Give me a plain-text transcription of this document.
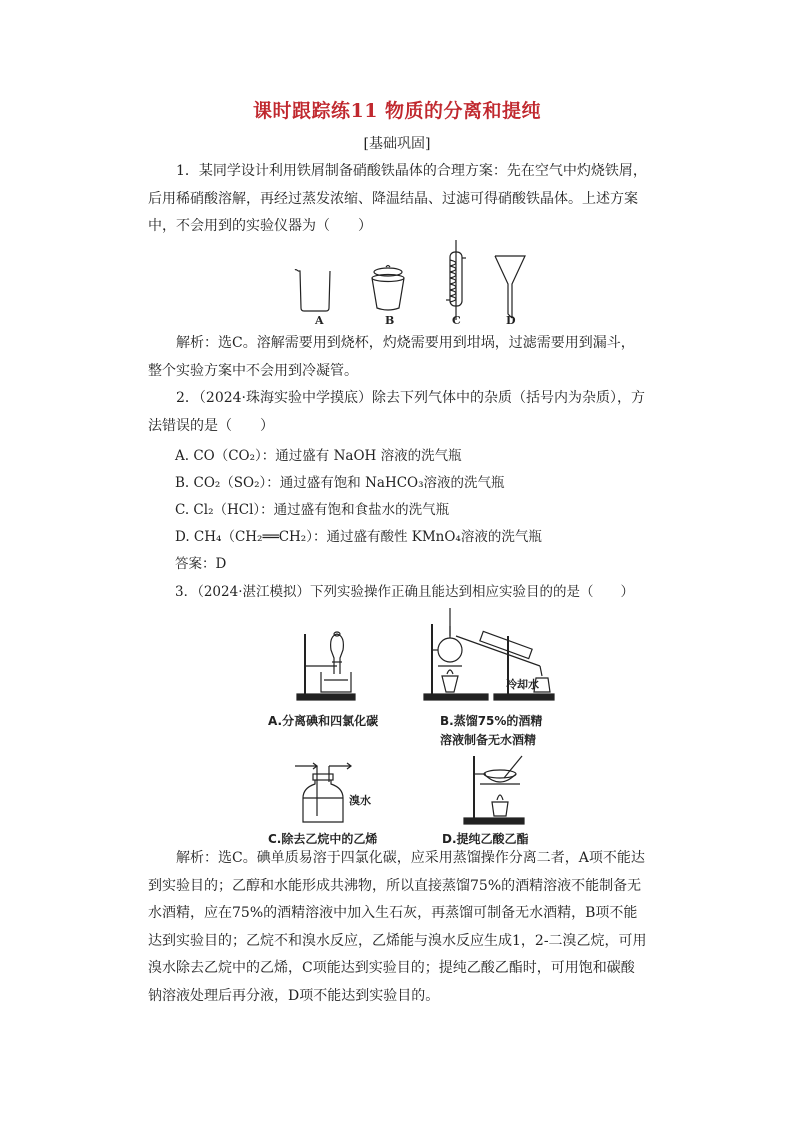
课时跟踪练11 物质的分离和提纯
[基础巩固]
1．某同学设计利用铁屑制备硝酸铁晶体的合理方案：先在空气中灼烧铁屑，后用稀硝酸溶解，再经过蒸发浓缩、降温结晶、过滤可得硝酸铁晶体。上述方案中，不会用到的实验仪器为（　　）
A	B	C	D
解析：选C。溶解需要用到烧杯，灼烧需要用到坩埚，过滤需要用到漏斗，整个实验方案中不会用到冷凝管。
2．（2024·珠海实验中学摸底）除去下列气体中的杂质（括号内为杂质），方法错误的是（　　）
A. CO（CO₂）：通过盛有 NaOH 溶液的洗气瓶
B. CO₂（SO₂）：通过盛有饱和 NaHCO₃溶液的洗气瓶
C. Cl₂（HCl）：通过盛有饱和食盐水的洗气瓶
D. CH₄（CH₂══CH₂）：通过盛有酸性 KMnO₄溶液的洗气瓶
答案：D
3．（2024·湛江模拟）下列实验操作正确且能达到相应实验目的的是（　　）
A.分离碘和四氯化碳
冷却水
B.蒸馏75%的酒精
溶液制备无水酒精
溴水
C.除去乙烷中的乙烯	D.提纯乙酸乙酯
解析：选C。碘单质易溶于四氯化碳，应采用蒸馏操作分离二者，A项不能达到实验目的；乙醇和水能形成共沸物，所以直接蒸馏75%的酒精溶液不能制备无水酒精，应在75%的酒精溶液中加入生石灰，再蒸馏可制备无水酒精，B项不能达到实验目的；乙烷不和溴水反应，乙烯能与溴水反应生成1，2-二溴乙烷，可用溴水除去乙烷中的乙烯，C项能达到实验目的；提纯乙酸乙酯时，可用饱和碳酸钠溶液处理后再分液，D项不能达到实验目的。
